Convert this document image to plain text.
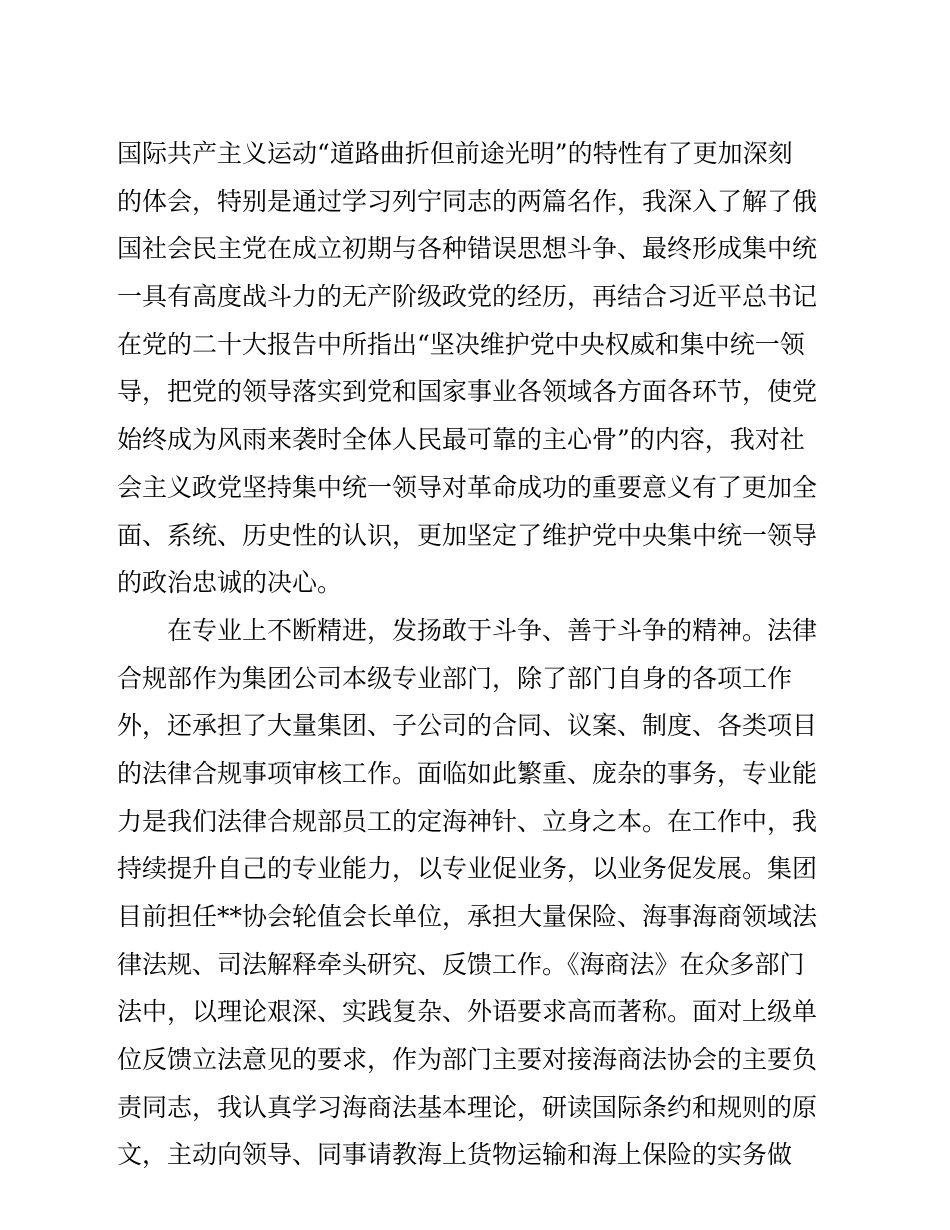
国际共产主义运动“道路曲折但前途光明”的特性有了更加深刻
的体会，特别是通过学习列宁同志的两篇名作，我深入了解了俄
国社会民主党在成立初期与各种错误思想斗争、最终形成集中统
一具有高度战斗力的无产阶级政党的经历，再结合习近平总书记
在党的二十大报告中所指出“坚决维护党中央权威和集中统一领
导，把党的领导落实到党和国家事业各领域各方面各环节，使党
始终成为风雨来袭时全体人民最可靠的主心骨”的内容，我对社
会主义政党坚持集中统一领导对革命成功的重要意义有了更加全
面、系统、历史性的认识，更加坚定了维护党中央集中统一领导
的政治忠诚的决心。
　　在专业上不断精进，发扬敢于斗争、善于斗争的精神。法律
合规部作为集团公司本级专业部门，除了部门自身的各项工作
外，还承担了大量集团、子公司的合同、议案、制度、各类项目
的法律合规事项审核工作。面临如此繁重、庞杂的事务，专业能
力是我们法律合规部员工的定海神针、立身之本。在工作中，我
持续提升自己的专业能力，以专业促业务，以业务促发展。集团
目前担任**协会轮值会长单位，承担大量保险、海事海商领域法
律法规、司法解释牵头研究、反馈工作。《海商法》在众多部门
法中，以理论艰深、实践复杂、外语要求高而著称。面对上级单
位反馈立法意见的要求，作为部门主要对接海商法协会的主要负
责同志，我认真学习海商法基本理论，研读国际条约和规则的原
文，主动向领导、同事请教海上货物运输和海上保险的实务做
